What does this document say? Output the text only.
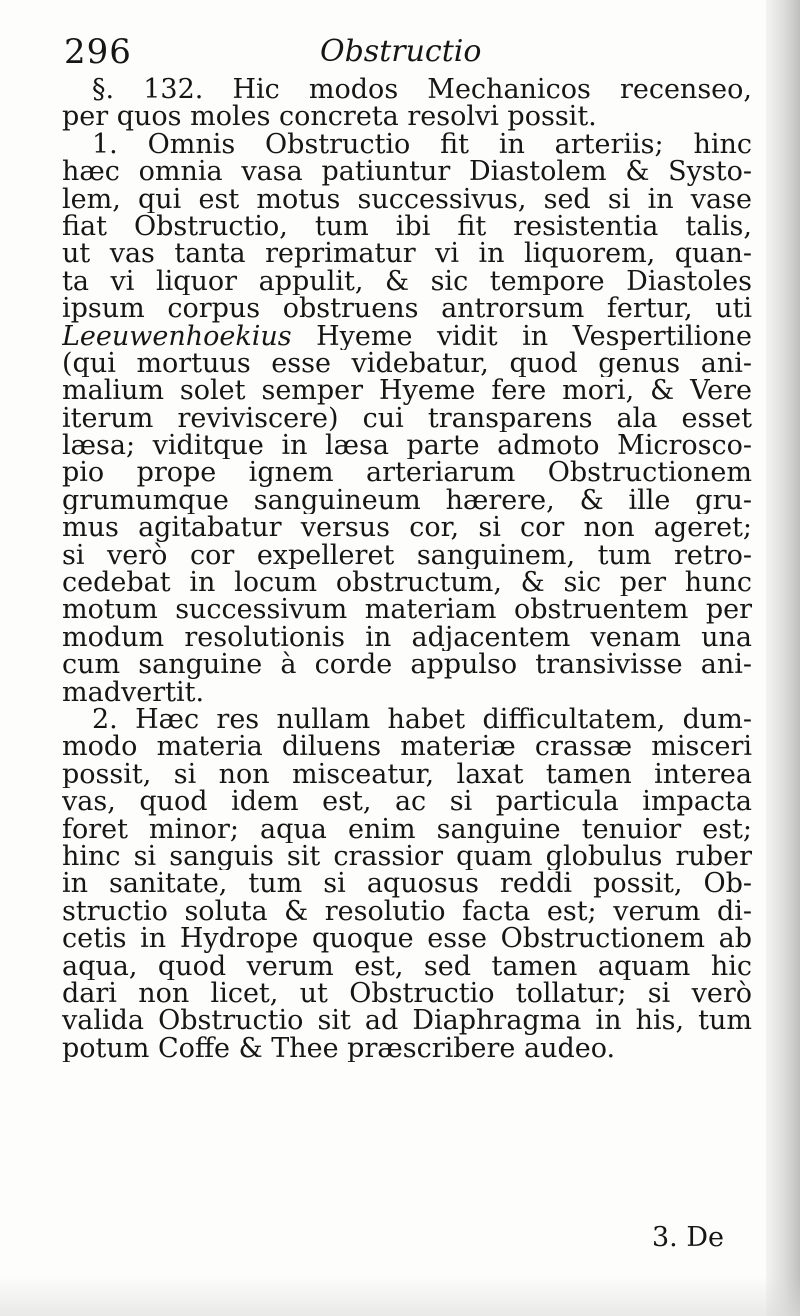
296	Obstructio
§. 132. Hic modos Mechanicos recenseo,
per quos moles concreta resolvi possit.
1. Omnis Obstructio fit in arteriis; hinc
hæc omnia vasa patiuntur Diastolem & Systo-
lem, qui est motus successivus, sed si in vase
fiat Obstructio, tum ibi fit resistentia talis,
ut vas tanta reprimatur vi in liquorem, quan-
ta vi liquor appulit, & sic tempore Diastoles
ipsum corpus obstruens antrorsum fertur, uti
Leeuwenhoekius Hyeme vidit in Vespertilione
(qui mortuus esse videbatur, quod genus ani-
malium solet semper Hyeme fere mori, & Vere
iterum reviviscere) cui transparens ala esset
læsa; viditque in læsa parte admoto Microsco-
pio prope ignem arteriarum Obstructionem
grumumque sanguineum hærere, & ille gru-
mus agitabatur versus cor, si cor non ageret;
si verò cor expelleret sanguinem, tum retro-
cedebat in locum obstructum, & sic per hunc
motum successivum materiam obstruentem per
modum resolutionis in adjacentem venam una
cum sanguine à corde appulso transivisse ani-
madvertit.
2. Hæc res nullam habet difficultatem, dum-
modo materia diluens materiæ crassæ misceri
possit, si non misceatur, laxat tamen interea
vas, quod idem est, ac si particula impacta
foret minor; aqua enim sanguine tenuior est;
hinc si sanguis sit crassior quam globulus ruber
in sanitate, tum si aquosus reddi possit, Ob-
structio soluta & resolutio facta est; verum di-
cetis in Hydrope quoque esse Obstructionem ab
aqua, quod verum est, sed tamen aquam hic
dari non licet, ut Obstructio tollatur; si verò
valida Obstructio sit ad Diaphragma in his, tum
potum Coffe & Thee præscribere audeo.
3. De
